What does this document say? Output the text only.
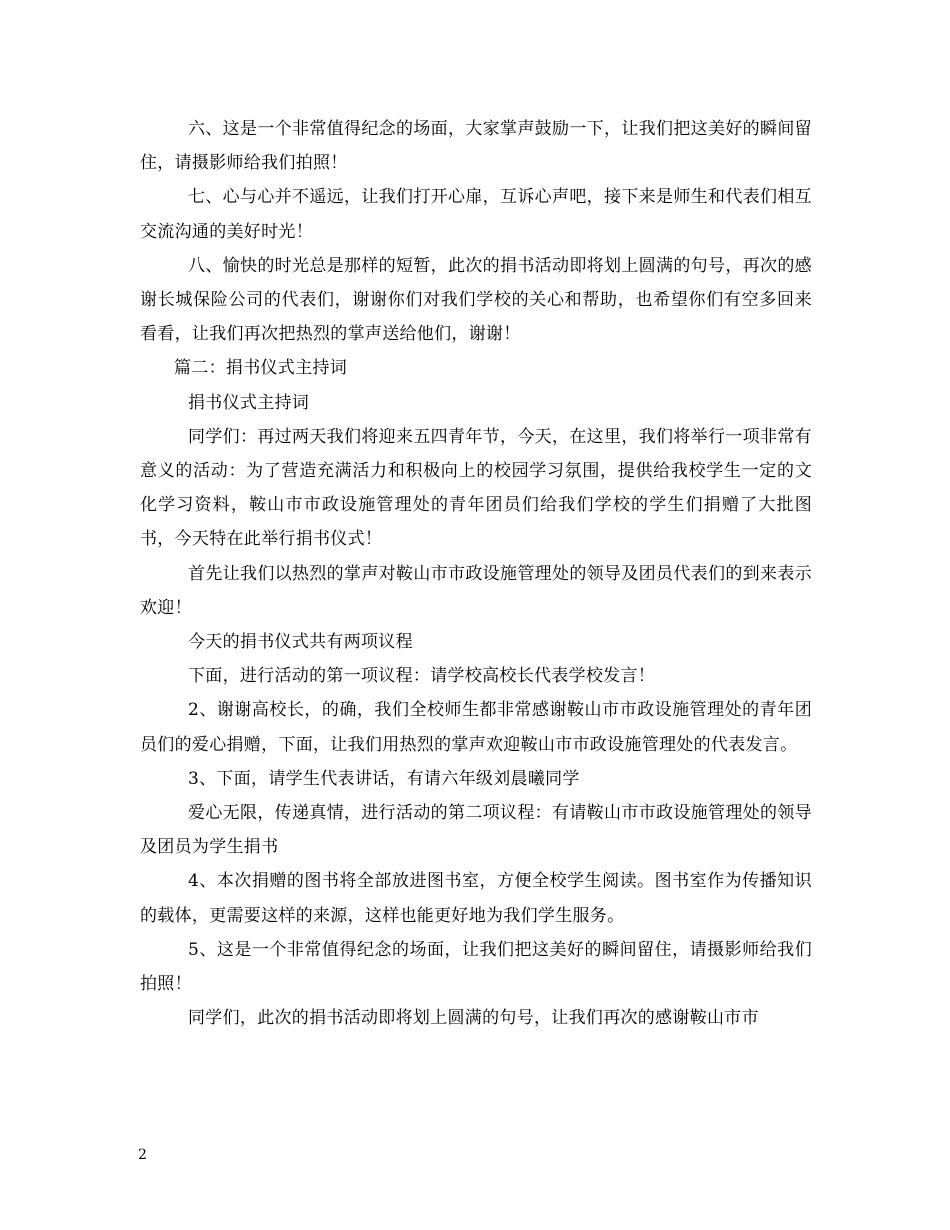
六、这是一个非常值得纪念的场面，大家掌声鼓励一下，让我们把这美好的瞬间留住，请摄影师给我们拍照！

七、心与心并不遥远，让我们打开心扉，互诉心声吧，接下来是师生和代表们相互交流沟通的美好时光！

八、愉快的时光总是那样的短暂，此次的捐书活动即将划上圆满的句号，再次的感谢长城保险公司的代表们，谢谢你们对我们学校的关心和帮助，也希望你们有空多回来看看，让我们再次把热烈的掌声送给他们，谢谢！

篇二：捐书仪式主持词

捐书仪式主持词

同学们：再过两天我们将迎来五四青年节，今天，在这里，我们将举行一项非常有意义的活动：为了营造充满活力和积极向上的校园学习氛围，提供给我校学生一定的文化学习资料，鞍山市市政设施管理处的青年团员们给我们学校的学生们捐赠了大批图书，今天特在此举行捐书仪式！

首先让我们以热烈的掌声对鞍山市市政设施管理处的领导及团员代表们的到来表示欢迎！

今天的捐书仪式共有两项议程

下面，进行活动的第一项议程：请学校高校长代表学校发言！

2、谢谢高校长，的确，我们全校师生都非常感谢鞍山市市政设施管理处的青年团员们的爱心捐赠，下面，让我们用热烈的掌声欢迎鞍山市市政设施管理处的代表发言。

3、下面，请学生代表讲话，有请六年级刘晨曦同学

爱心无限，传递真情，进行活动的第二项议程：有请鞍山市市政设施管理处的领导及团员为学生捐书

4、本次捐赠的图书将全部放进图书室，方便全校学生阅读。图书室作为传播知识的载体，更需要这样的来源，这样也能更好地为我们学生服务。

5、这是一个非常值得纪念的场面，让我们把这美好的瞬间留住，请摄影师给我们拍照！

同学们，此次的捐书活动即将划上圆满的句号，让我们再次的感谢鞍山市市

2
